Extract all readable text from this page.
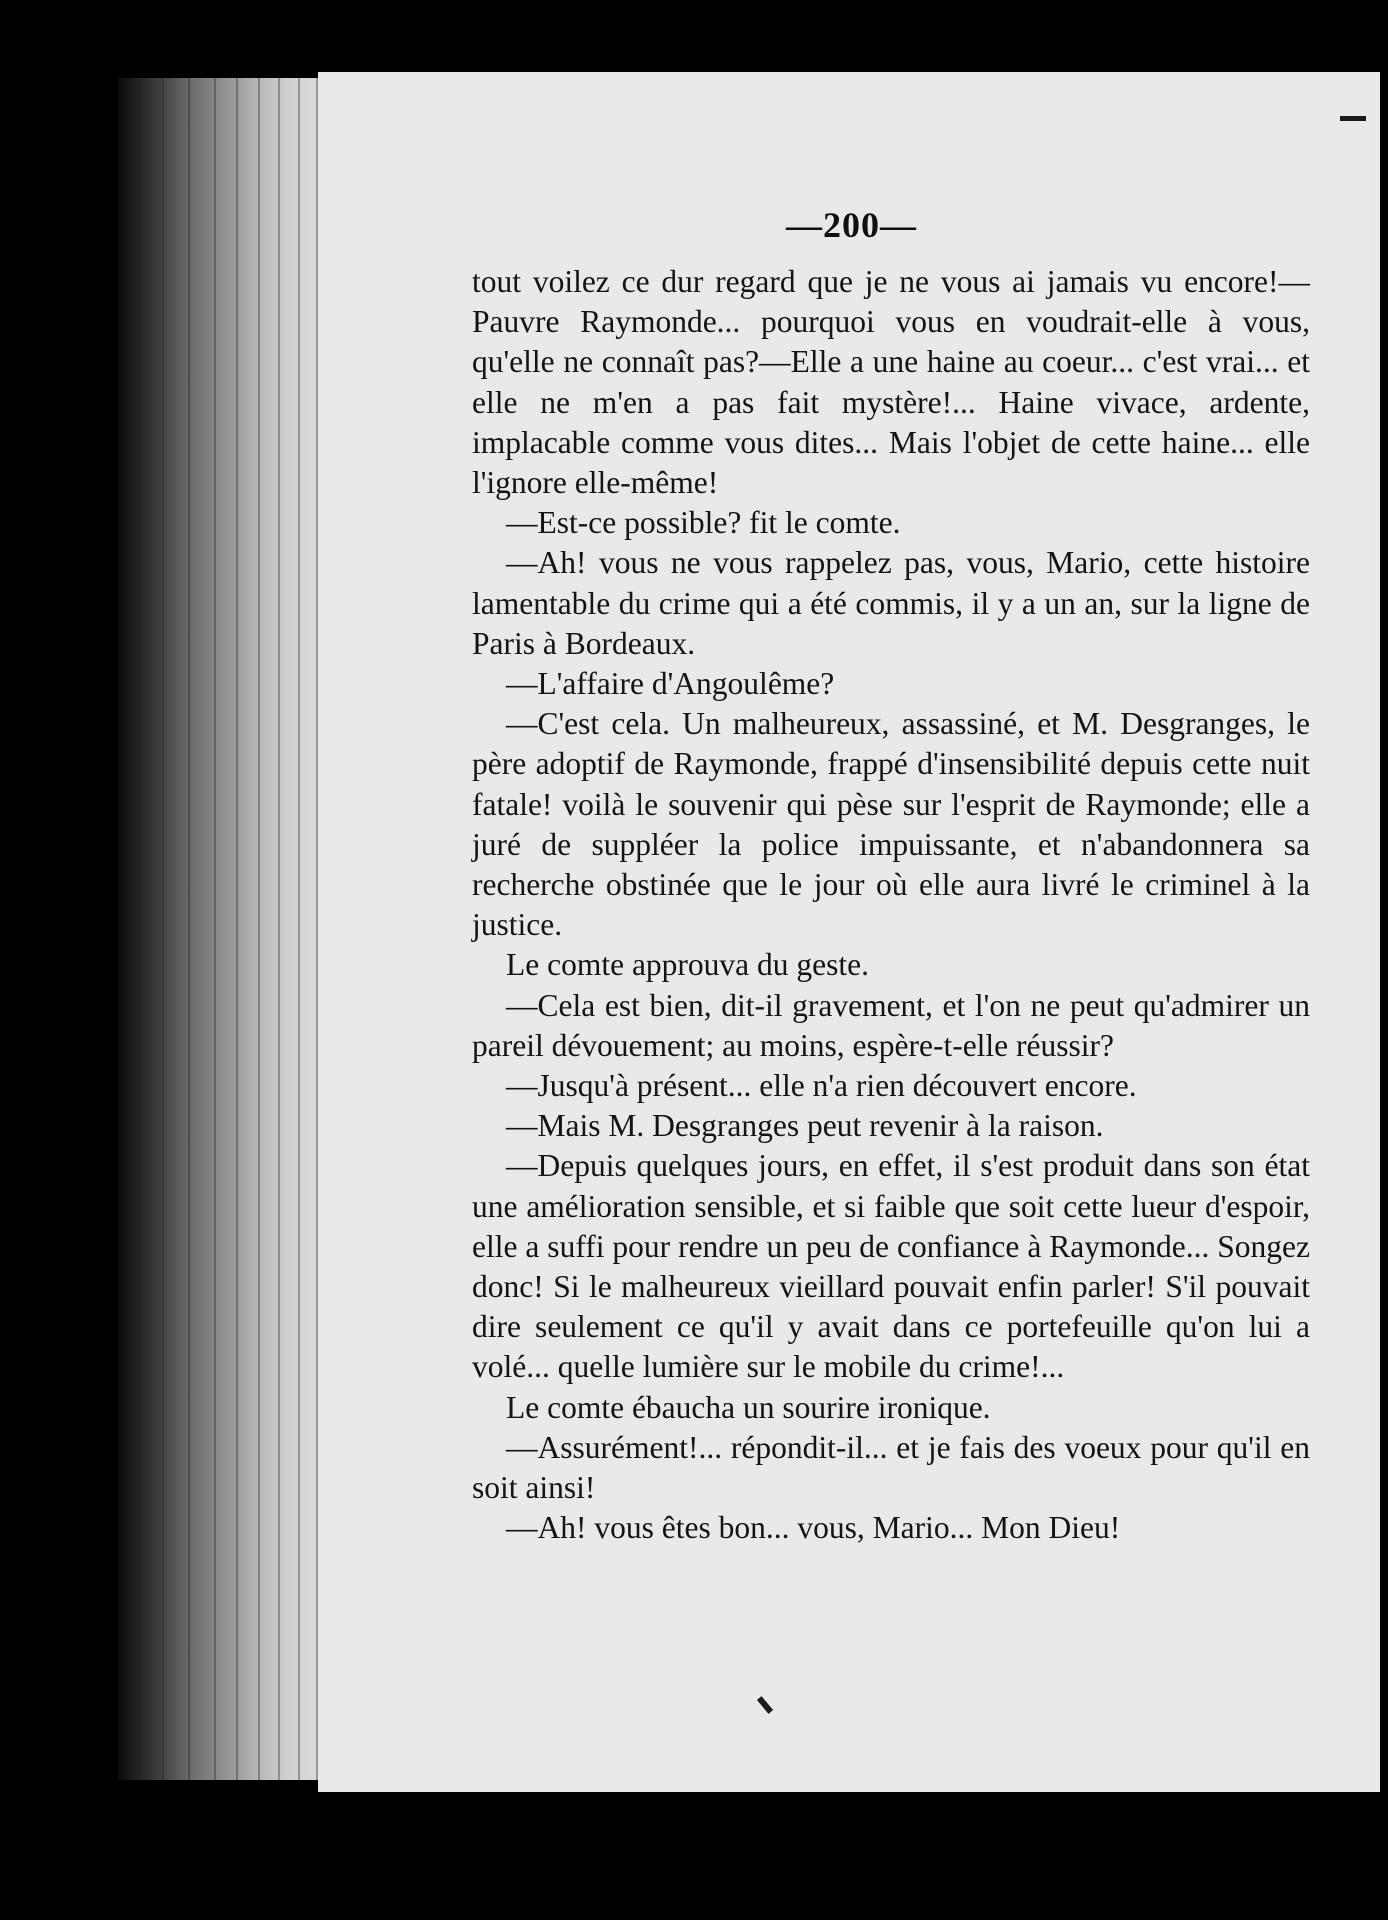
—200—

tout voilez ce dur regard que je ne vous ai jamais vu encore!—Pauvre Raymonde... pourquoi vous en voudrait-elle à vous, qu'elle ne connaît pas?—Elle a une haine au coeur... c'est vrai... et elle ne m'en a pas fait mystère!... Haine vivace, ardente, implacable comme vous dites... Mais l'objet de cette haine... elle l'ignore elle-même!

—Est-ce possible? fit le comte.

—Ah! vous ne vous rappelez pas, vous, Mario, cette histoire lamentable du crime qui a été commis, il y a un an, sur la ligne de Paris à Bordeaux.

—L'affaire d'Angoulême?

—C'est cela. Un malheureux, assassiné, et M. Desgranges, le père adoptif de Raymonde, frappé d'insensibilité depuis cette nuit fatale! voilà le souvenir qui pèse sur l'esprit de Raymonde; elle a juré de suppléer la police impuissante, et n'abandonnera sa recherche obstinée que le jour où elle aura livré le criminel à la justice.

Le comte approuva du geste.

—Cela est bien, dit-il gravement, et l'on ne peut qu'admirer un pareil dévouement; au moins, espère-t-elle réussir?

—Jusqu'à présent... elle n'a rien découvert encore.

—Mais M. Desgranges peut revenir à la raison.

—Depuis quelques jours, en effet, il s'est produit dans son état une amélioration sensible, et si faible que soit cette lueur d'espoir, elle a suffi pour rendre un peu de confiance à Raymonde... Songez donc! Si le malheureux vieillard pouvait enfin parler! S'il pouvait dire seulement ce qu'il y avait dans ce portefeuille qu'on lui a volé... quelle lumière sur le mobile du crime!...

Le comte ébaucha un sourire ironique.

—Assurément!... répondit-il... et je fais des voeux pour qu'il en soit ainsi!

—Ah! vous êtes bon... vous, Mario... Mon Dieu!
